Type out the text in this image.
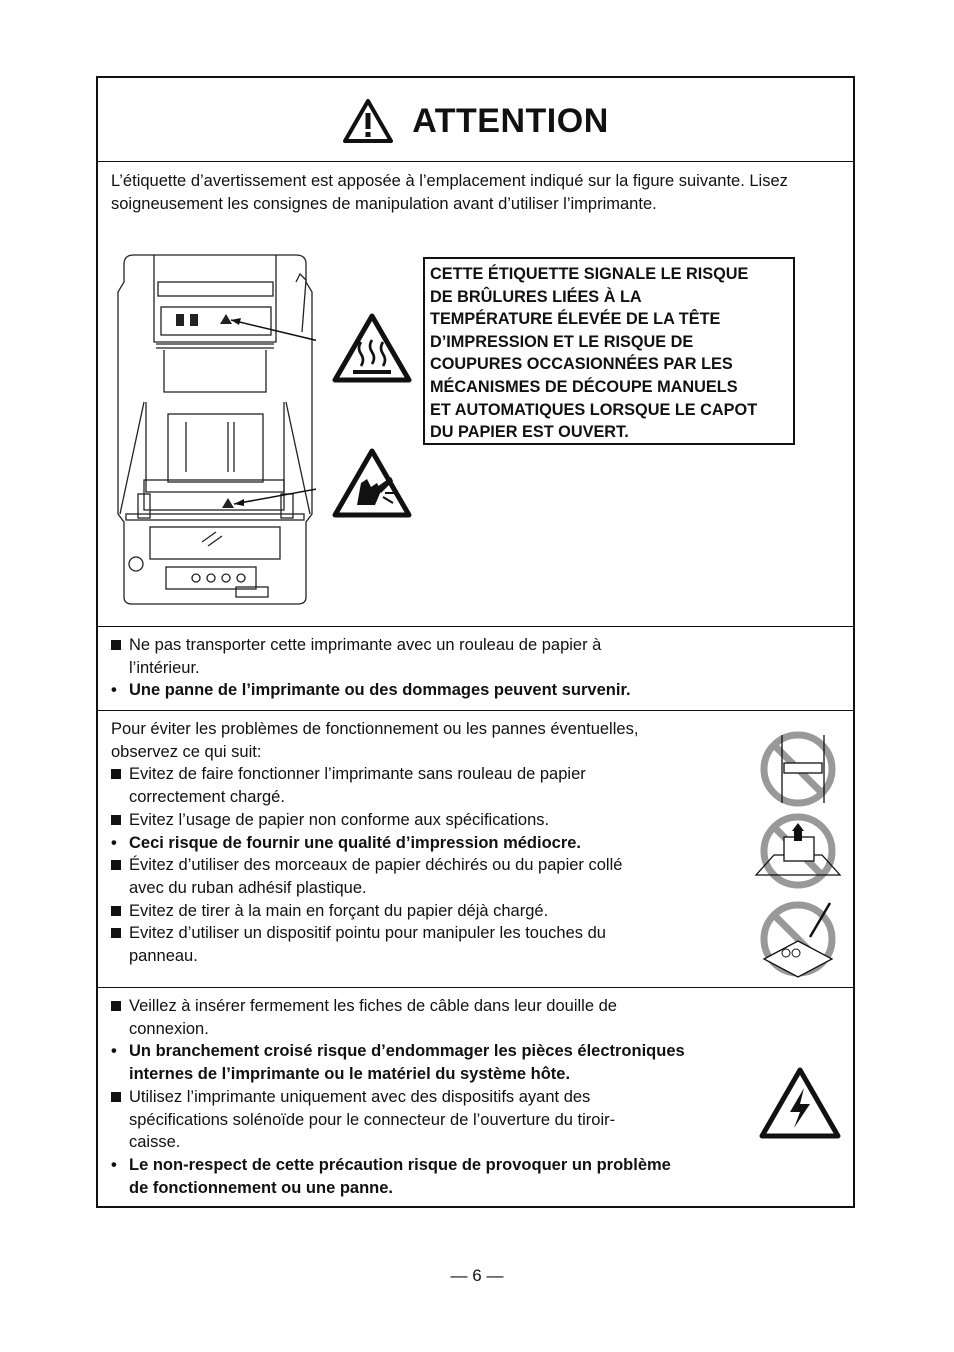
ATTENTION

L’étiquette d’avertissement est apposée à l’emplacement indiqué sur la figure suivante. Lisez soigneusement les consignes de manipulation avant d’utiliser l’imprimante.

CETTE ÉTIQUETTE SIGNALE LE RISQUE
DE BRÛLURES LIÉES À LA
TEMPÉRATURE ÉLEVÉE DE LA TÊTE
D’IMPRESSION ET LE RISQUE DE
COUPURES OCCASIONNÉES PAR LES
MÉCANISMES DE DÉCOUPE MANUELS
ET AUTOMATIQUES LORSQUE LE CAPOT
DU PAPIER EST OUVERT.
Ne pas transporter cette imprimante avec un rouleau de papier à
l’intérieur.
• Une panne de l’imprimante ou des dommages peuvent survenir.
Pour éviter les problèmes de fonctionnement ou les pannes éventuelles,
observez ce qui suit:
Evitez de faire fonctionner l’imprimante sans rouleau de papier
correctement chargé.
Evitez l’usage de papier non conforme aux spécifications.
• Ceci risque de fournir une qualité d’impression médiocre.
Évitez d’utiliser des morceaux de papier déchirés ou du papier collé
avec du ruban adhésif plastique.
Evitez de tirer à la main en forçant du papier déjà chargé.
Evitez d’utiliser un dispositif pointu pour manipuler les touches du
panneau.
Veillez à insérer fermement les fiches de câble dans leur douille de
connexion.
• Un branchement croisé risque d’endommager les pièces électroniques
internes de l’imprimante ou le matériel du système hôte.
Utilisez l’imprimante uniquement avec des dispositifs ayant des
spécifications solénoïde pour le connecteur de l’ouverture du tiroir-
caisse.
• Le non-respect de cette précaution risque de provoquer un problème
de fonctionnement ou une panne.
— 6 —
